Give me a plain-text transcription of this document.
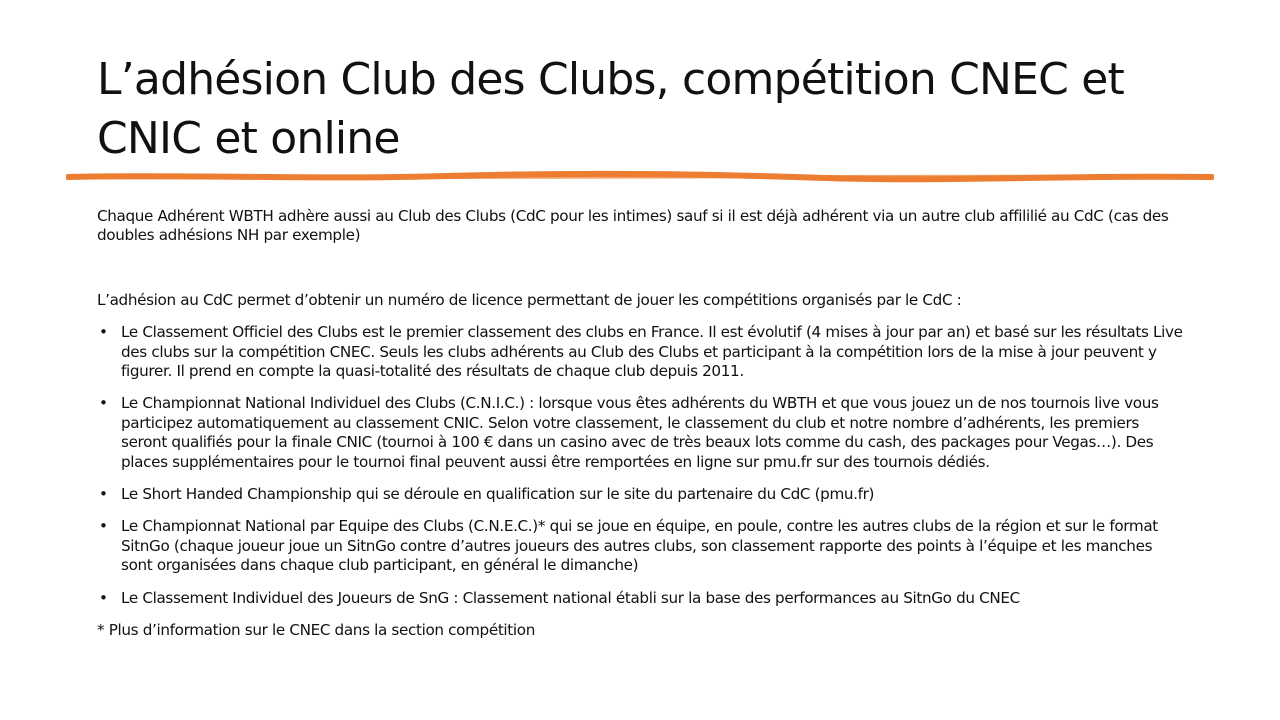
L’adhésion Club des Clubs, compétition CNEC et CNIC et online

Chaque Adhérent WBTH adhère aussi au Club des Clubs (CdC pour les intimes) sauf si il est déjà adhérent via un autre club affililié au CdC (cas des doubles adhésions NH par exemple)

L’adhésion au CdC permet d’obtenir un numéro de licence permettant de jouer les compétitions organisés par le CdC :

• Le Classement Officiel des Clubs est le premier classement des clubs en France. Il est évolutif (4 mises à jour par an) et basé sur les résultats Live des clubs sur la compétition CNEC. Seuls les clubs adhérents au Club des Clubs et participant à la compétition lors de la mise à jour peuvent y figurer. Il prend en compte la quasi-totalité des résultats de chaque club depuis 2011.
• Le Championnat National Individuel des Clubs (C.N.I.C.) : lorsque vous êtes adhérents du WBTH et que vous jouez un de nos tournois live vous participez automatiquement au classement CNIC. Selon votre classement, le classement du club et notre nombre d’adhérents, les premiers seront qualifiés pour la finale CNIC (tournoi à 100 € dans un casino avec de très beaux lots comme du cash, des packages pour Vegas…). Des places supplémentaires pour le tournoi final peuvent aussi être remportées en ligne sur pmu.fr sur des tournois dédiés.
• Le Short Handed Championship qui se déroule en qualification sur le site du partenaire du CdC (pmu.fr)
• Le Championnat National par Equipe des Clubs (C.N.E.C.)* qui se joue en équipe, en poule, contre les autres clubs de la région et sur le format SitnGo (chaque joueur joue un SitnGo contre d’autres joueurs des autres clubs, son classement rapporte des points à l’équipe et les manches sont organisées dans chaque club participant, en général le dimanche)
• Le Classement Individuel des Joueurs de SnG : Classement national établi sur la base des performances au SitnGo du CNEC

* Plus d’information sur le CNEC dans la section compétition
